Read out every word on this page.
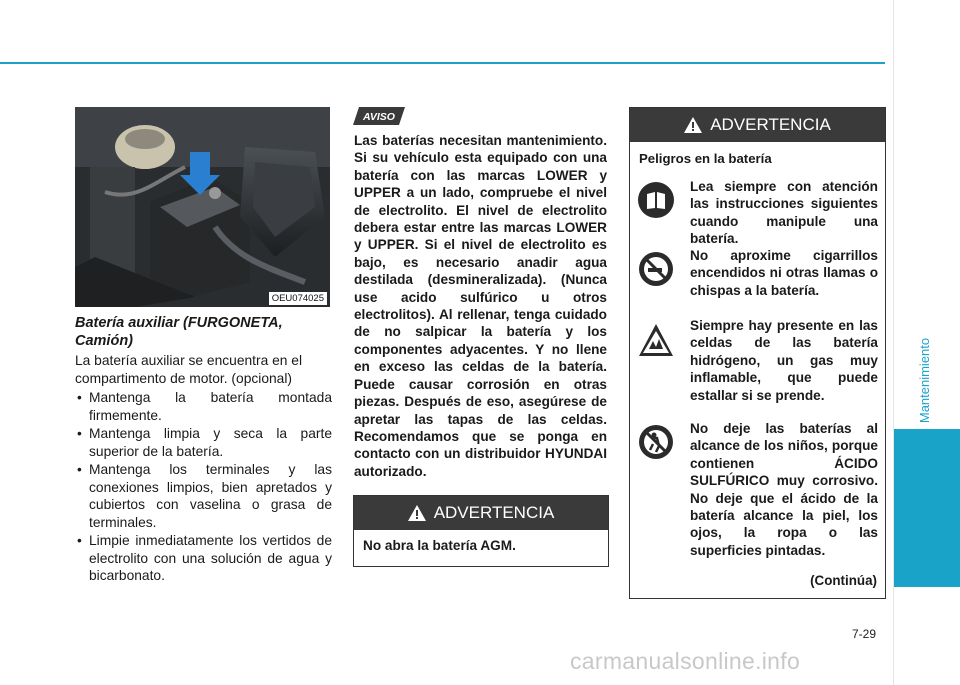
Mantenimiento
OEU074025
Batería auxiliar (FURGONETA, Camión)
La batería auxiliar se encuentra en el compartimento de motor. (opcional)
• Mantenga la batería montada firmemente.
• Mantenga limpia y seca la parte superior de la batería.
• Mantenga los terminales y las conexiones limpios, bien apretados y cubiertos con vaselina o grasa de terminales.
• Limpie inmediatamente los vertidos de electrolito con una solución de agua y bicarbonato.
AVISO
Las baterías necesitan mantenimiento. Si su vehículo esta equipado con una batería con las marcas LOWER y UPPER a un lado, compruebe el nivel de electrolito. El nivel de electrolito debera estar entre las marcas LOWER y UPPER. Si el nivel de electrolito es bajo, es necesario anadir agua destilada (desmineralizada). (Nunca use acido sulfúrico u otros electrolitos). Al rellenar, tenga cuidado de no salpicar la batería y los componentes adyacentes. Y no llene en exceso las celdas de la batería. Puede causar corrosión en otras piezas. Después de eso, asegúrese de apretar las tapas de las celdas. Recomendamos que se ponga en contacto con un distribuidor HYUNDAI autorizado.
ADVERTENCIA
No abra la batería AGM.
ADVERTENCIA
Peligros en la batería
Lea siempre con atención las instrucciones siguientes cuando manipule una batería.
No aproxime cigarrillos encendidos ni otras llamas o chispas a la batería.
Siempre hay presente en las celdas de las batería hidrógeno, un gas muy inflamable, que puede estallar si se prende.
No deje las baterías al alcance de los niños, porque contienen ÁCIDO SULFÚRICO muy corrosivo. No deje que el ácido de la batería alcance la piel, los ojos, la ropa o las superficies pintadas.
(Continúa)
7-29
carmanualsonline.info
